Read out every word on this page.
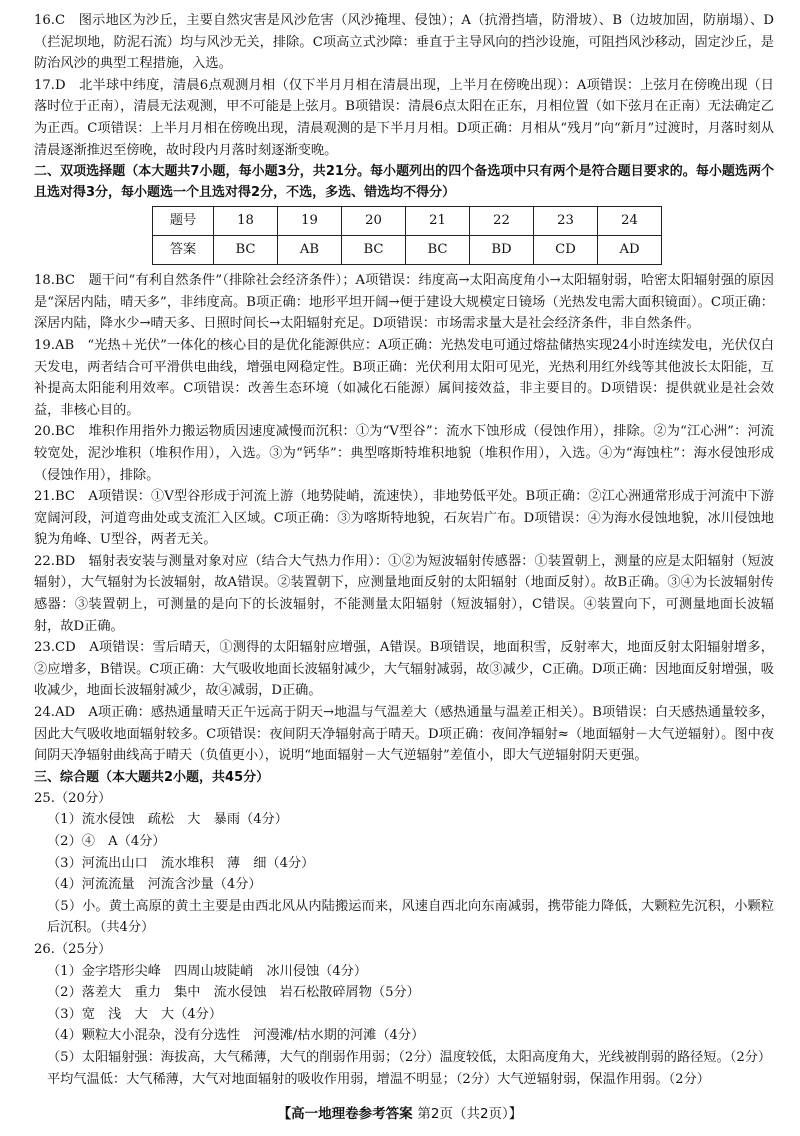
16.C　图示地区为沙丘，主要自然灾害是风沙危害（风沙掩埋、侵蚀）；A（抗滑挡墙，防滑坡）、B（边坡加固，防崩塌）、D（拦泥坝地，防泥石流）均与风沙无关，排除。C项高立式沙障：垂直于主导风向的挡沙设施，可阻挡风沙移动，固定沙丘，是防治风沙的典型工程措施，入选。

17.D　北半球中纬度，清晨6点观测月相（仅下半月月相在清晨出现，上半月在傍晚出现）：A项错误：上弦月在傍晚出现（日落时位于正南），清晨无法观测，甲不可能是上弦月。B项错误：清晨6点太阳在正东，月相位置（如下弦月在正南）无法确定乙为正西。C项错误：上半月月相在傍晚出现，清晨观测的是下半月月相。D项正确：月相从“残月”向“新月”过渡时，月落时刻从清晨逐渐推迟至傍晚，故时段内月落时刻逐渐变晚。

二、双项选择题（本大题共7小题，每小题3分，共21分。每小题列出的四个备选项中只有两个是符合题目要求的。每小题选两个且选对得3分，每小题选一个且选对得2分，不选，多选、错选均不得分）

题号	18	19	20	21	22	23	24
答案	BC	AB	BC	BC	BD	CD	AD

18.BC　题干问“有利自然条件”（排除社会经济条件）；A项错误：纬度高→太阳高度角小→太阳辐射弱，哈密太阳辐射强的原因是“深居内陆，晴天多”，非纬度高。B项正确：地形平坦开阔→便于建设大规模定日镜场（光热发电需大面积镜面）。C项正确：深居内陆，降水少→晴天多、日照时间长→太阳辐射充足。D项错误：市场需求量大是社会经济条件，非自然条件。

19.AB　“光热＋光伏”一体化的核心目的是优化能源供应：A项正确：光热发电可通过熔盐储热实现24小时连续发电，光伏仅白天发电，两者结合可平滑供电曲线，增强电网稳定性。B项正确：光伏利用太阳可见光，光热利用红外线等其他波长太阳能，互补提高太阳能利用效率。C项错误：改善生态环境（如减化石能源）属间接效益，非主要目的。D项错误：提供就业是社会效益，非核心目的。

20.BC　堆积作用指外力搬运物质因速度减慢而沉积：①为“V型谷”：流水下蚀形成（侵蚀作用），排除。②为“江心洲”：河流较宽处，泥沙堆积（堆积作用），入选。③为“钙华”：典型喀斯特堆积地貌（堆积作用），入选。④为“海蚀柱”：海水侵蚀形成（侵蚀作用），排除。

21.BC　A项错误：①V型谷形成于河流上游（地势陡峭，流速快），非地势低平处。B项正确：②江心洲通常形成于河流中下游宽阔河段，河道弯曲处或支流汇入区域。C项正确：③为喀斯特地貌，石灰岩广布。D项错误：④为海水侵蚀地貌，冰川侵蚀地貌为角峰、U型谷，两者无关。

22.BD　辐射表安装与测量对象对应（结合大气热力作用）：①②为短波辐射传感器：①装置朝上，测量的应是太阳辐射（短波辐射），大气辐射为长波辐射，故A错误。②装置朝下，应测量地面反射的太阳辐射（地面反射）。故B正确。③④为长波辐射传感器：③装置朝上，可测量的是向下的长波辐射，不能测量太阳辐射（短波辐射），C错误。④装置向下，可测量地面长波辐射，故D正确。

23.CD　A项错误：雪后晴天，①测得的太阳辐射应增强，A错误。B项错误，地面积雪，反射率大，地面反射太阳辐射增多，②应增多，B错误。C项正确：大气吸收地面长波辐射减少，大气辐射减弱，故③减少，C正确。D项正确：因地面反射增强，吸收减少，地面长波辐射减少，故④减弱，D正确。

24.AD　A项正确：感热通量晴天正午远高于阴天→地温与气温差大（感热通量与温差正相关）。B项错误：白天感热通量较多，因此大气吸收地面辐射较多。C项错误：夜间阴天净辐射高于晴天。D项正确：夜间净辐射≈（地面辐射－大气逆辐射）。图中夜间阴天净辐射曲线高于晴天（负值更小），说明“地面辐射－大气逆辐射”差值小，即大气逆辐射阴天更强。

三、综合题（本大题共2小题，共45分）

25.（20分）

（1）流水侵蚀　疏松　大　暴雨（4分）

（2）④　A（4分）

（3）河流出山口　流水堆积　薄　细（4分）

（4）河流流量　河流含沙量（4分）

（5）小。黄土高原的黄土主要是由西北风从内陆搬运而来，风速自西北向东南减弱，携带能力降低，大颗粒先沉积，小颗粒后沉积。（共4分）

26.（25分）

（1）金字塔形尖峰　四周山坡陡峭　冰川侵蚀（4分）

（2）落差大　重力　集中　流水侵蚀　岩石松散碎屑物（5分）

（3）宽　浅　大　大（4分）

（4）颗粒大小混杂，没有分选性　河漫滩/枯水期的河滩（4分）

（5）太阳辐射强：海拔高，大气稀薄，大气的削弱作用弱；（2分）温度较低，太阳高度角大，光线被削弱的路径短。（2分）

平均气温低：大气稀薄，大气对地面辐射的吸收作用弱，增温不明显；（2分）大气逆辐射弱，保温作用弱。（2分）

【高一地理卷参考答案 第2页（共2页）】
